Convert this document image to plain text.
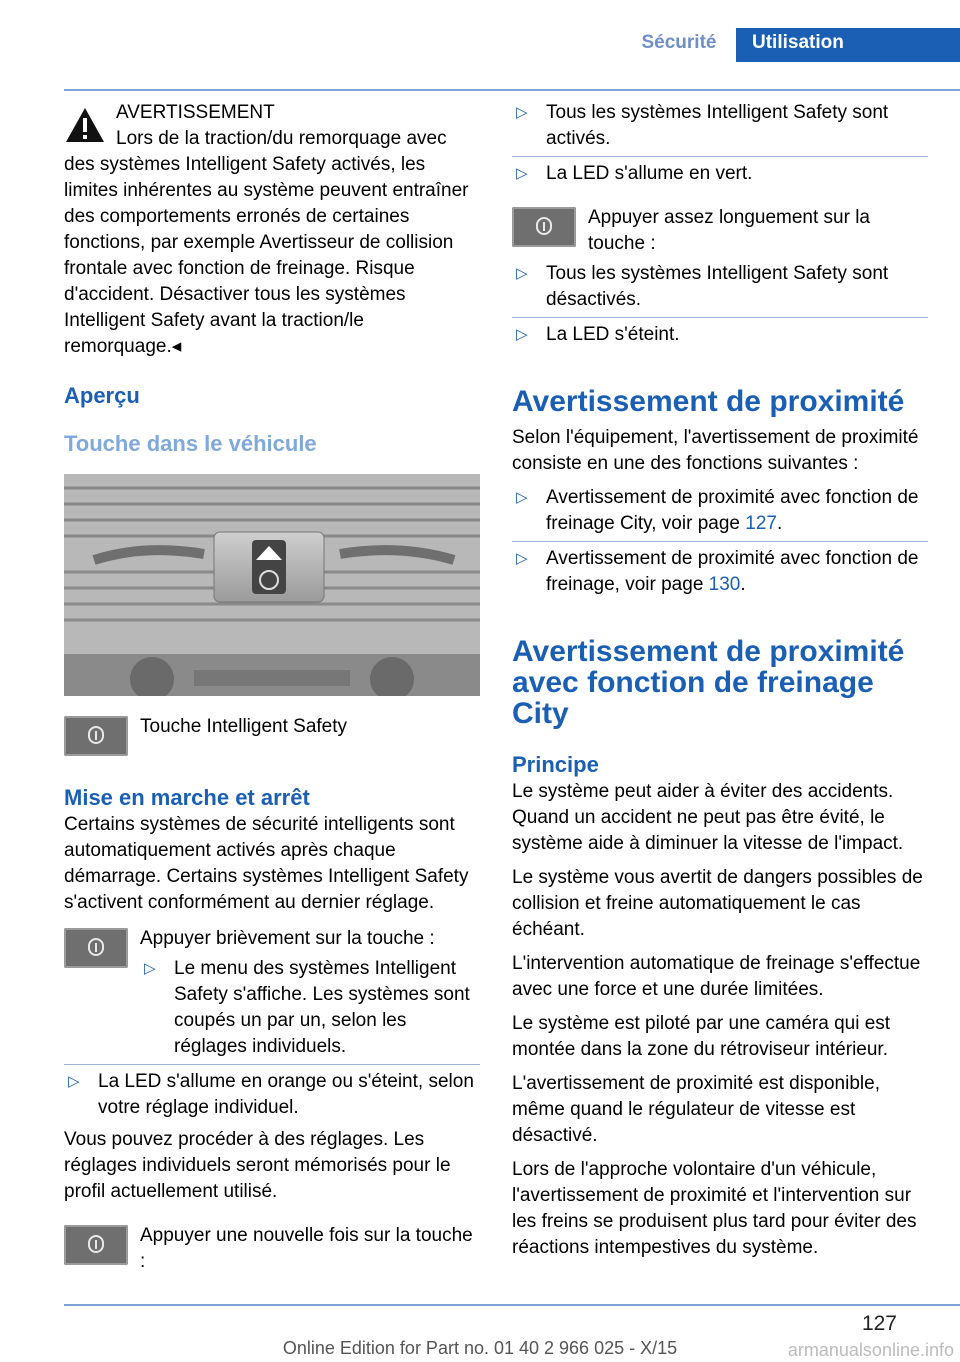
Sécurité	Utilisation

AVERTISSEMENT

Lors de la traction/du remorquage avec des systèmes Intelligent Safety activés, les limites inhérentes au système peuvent entraîner des comportements erronés de certaines fonctions, par exemple Avertisseur de collision frontale avec fonction de freinage. Risque d'accident. Désactiver tous les systèmes Intelligent Safety avant la traction/le remorquage.◂

Aperçu

Touche dans le véhicule

Touche Intelligent Safety

Mise en marche et arrêt

Certains systèmes de sécurité intelligents sont automatiquement activés après chaque démarrage. Certains systèmes Intelligent Safety s'activent conformément au dernier réglage.

Appuyer brièvement sur la touche :

▷ Le menu des systèmes Intelligent Safety s'affiche. Les systèmes sont coupés un par un, selon les réglages individuels.
▷ La LED s'allume en orange ou s'éteint, selon votre réglage individuel.

Vous pouvez procéder à des réglages. Les réglages individuels seront mémorisés pour le profil actuellement utilisé.

Appuyer une nouvelle fois sur la touche :

▷ Tous les systèmes Intelligent Safety sont activés.
▷ La LED s'allume en vert.

Appuyer assez longuement sur la touche :

▷ Tous les systèmes Intelligent Safety sont désactivés.
▷ La LED s'éteint.

Avertissement de proximité

Selon l'équipement, l'avertissement de proximité consiste en une des fonctions suivantes :

▷ Avertissement de proximité avec fonction de freinage City, voir page 127.
▷ Avertissement de proximité avec fonction de freinage, voir page 130.

Avertissement de proximité avec fonction de freinage City

Principe

Le système peut aider à éviter des accidents. Quand un accident ne peut pas être évité, le système aide à diminuer la vitesse de l'impact.

Le système vous avertit de dangers possibles de collision et freine automatiquement le cas échéant.

L'intervention automatique de freinage s'effectue avec une force et une durée limitées.

Le système est piloté par une caméra qui est montée dans la zone du rétroviseur intérieur.

L'avertissement de proximité est disponible, même quand le régulateur de vitesse est désactivé.

Lors de l'approche volontaire d'un véhicule, l'avertissement de proximité et l'intervention sur les freins se produisent plus tard pour éviter des réactions intempestives du système.

127
Online Edition for Part no. 01 40 2 966 025 - X/15	armanualsonline.info
